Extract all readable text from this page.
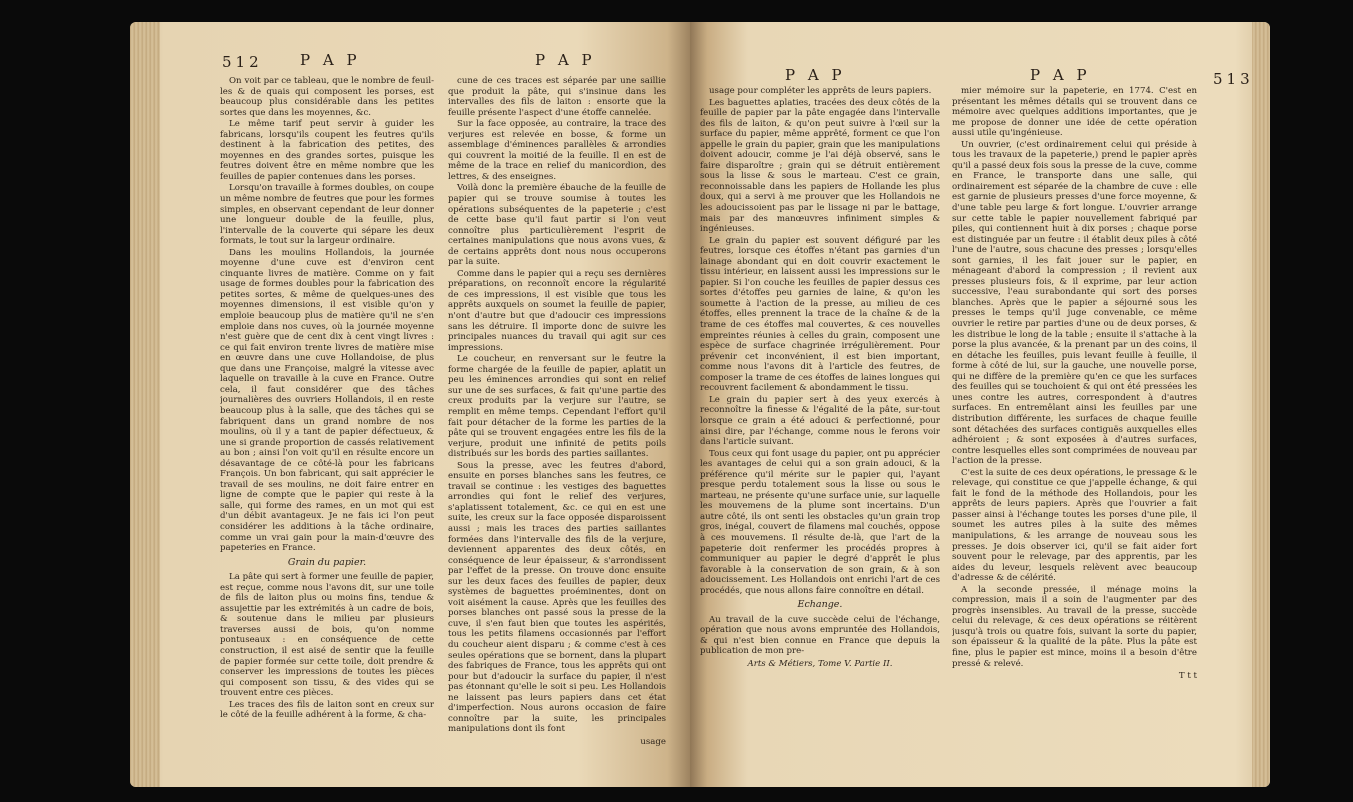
512 P A P	P A P

On voit par ce tableau, que le nombre de feuil-les & de quais qui composent les porses, est beaucoup plus considérable dans les petites sortes que dans les moyennes, &c.

Le même tarif peut servir à guider les fabricans, lorsqu'ils coupent les feutres qu'ils destinent à la fabrication des petites, des moyennes en des grandes sortes, puisque les feutres doivent être en même nombre que les feuilles de papier contenues dans les porses.

Lorsqu'on travaille à formes doubles, on coupe un même nombre de feutres que pour les formes simples, en observant cependant de leur donner une longueur double de la feuille, plus, l'intervalle de la couverte qui sépare les deux formats, le tout sur la largeur ordinaire.

Dans les moulins Hollandois, la journée moyenne d'une cuve est d'environ cent cinquante livres de matière. Comme on y fait usage de formes doubles pour la fabrication des petites sortes, & même de quelques-unes des moyennes dimensions, il est visible qu'on y emploie beaucoup plus de matière qu'il ne s'en emploie dans nos cuves, où la journée moyenne n'est guère que de cent dix à cent vingt livres : ce qui fait environ trente livres de matière mise en œuvre dans une cuve Hollandoise, de plus que dans une Françoise, malgré la vitesse avec laquelle on travaille à la cuve en France. Outre cela, il faut considérer que des tâches journalières des ouvriers Hollandois, il en reste beaucoup plus à la salle, que des tâches qui se fabriquent dans un grand nombre de nos moulins, où il y a tant de papier défectueux, & une si grande proportion de cassés relativement au bon ; ainsi l'on voit qu'il en résulte encore un désavantage de ce côté-là pour les fabricans François. Un bon fabricant, qui sait apprécier le travail de ses moulins, ne doit faire entrer en ligne de compte que le papier qui reste à la salle, qui forme des rames, en un mot qui est d'un débit avantageux. Je ne fais ici l'on peut considérer les additions à la tâche ordinaire, comme un vrai gain pour la main-d'œuvre des papeteries en France.

Grain du papier.

La pâte qui sert à former une feuille de papier, est reçue, comme nous l'avons dit, sur une toile de fils de laiton plus ou moins fins, tendue & assujettie par les extrémités à un cadre de bois, & soutenue dans le milieu par plusieurs traverses aussi de bois, qu'on nomme pontuseaux : en conséquence de cette construction, il est aisé de sentir que la feuille de papier formée sur cette toile, doit prendre & conserver les impressions de toutes les pièces qui composent son tissu, & des vides qui se trouvent entre ces pièces.

Les traces des fils de laiton sont en creux sur le côté de la feuille adhérent à la forme, & cha-

cune de ces traces est séparée par une saillie que produit la pâte, qui s'insinue dans les intervalles des fils de laiton : ensorte que la feuille présente l'aspect d'une étoffe cannelée.

Sur la face opposée, au contraire, la trace des verjures est relevée en bosse, & forme un assemblage d'éminences parallèles & arrondies qui couvrent la moitié de la feuille. Il en est de même de la trace en relief du manicordion, des lettres, & des enseignes.

Voilà donc la première ébauche de la feuille de papier qui se trouve soumise à toutes les opérations subséquentes de la papeterie ; c'est de cette base qu'il faut partir si l'on veut connoître plus particulièrement l'esprit de certaines manipulations que nous avons vues, & de certains apprêts dont nous nous occuperons par la suite.

Comme dans le papier qui a reçu ses dernières préparations, on reconnoît encore la régularité de ces impressions, il est visible que tous les apprêts auxquels on soumet la feuille de papier, n'ont d'autre but que d'adoucir ces impressions sans les détruire. Il importe donc de suivre les principales nuances du travail qui agit sur ces impressions.

Le coucheur, en renversant sur le feutre la forme chargée de la feuille de papier, aplatit un peu les éminences arrondies qui sont en relief sur une de ses surfaces, & fait qu'une partie des creux produits par la verjure sur l'autre, se remplit en même temps. Cependant l'effort qu'il fait pour détacher de la forme les parties de la pâte qui se trouvent engagées entre les fils de la verjure, produit une infinité de petits poils distribués sur les bords des parties saillantes.

Sous la presse, avec les feutres d'abord, ensuite en porses blanches sans les feutres, ce travail se continue : les vestiges des baguettes arrondies qui font le relief des verjures, s'aplatissent totalement, &c. ce qui en est une suite, les creux sur la face opposée disparoissent aussi ; mais les traces des parties saillantes formées dans l'intervalle des fils de la verjure, deviennent apparentes des deux côtés, en conséquence de leur épaisseur, & s'arrondissent par l'effet de la presse. On trouve donc ensuite sur les deux faces des feuilles de papier, deux systèmes de baguettes proéminentes, dont on voit aisément la cause. Après que les feuilles des porses blanches ont passé sous la presse de la cuve, il s'en faut bien que toutes les aspérités, tous les petits filamens occasionnés par l'effort du coucheur aient disparu ; & comme c'est à ces seules opérations que se bornent, dans la plupart des fabriques de France, tous les apprêts qui ont pour but d'adoucir la surface du papier, il n'est pas étonnant qu'elle le soit si peu. Les Hollandois ne laissent pas leurs papiers dans cet état d'imperfection. Nous aurons occasion de faire connoître par la suite, les principales manipulations dont ils font

usage
P A P	P A P	513

usage pour compléter les apprêts de leurs papiers.

Les baguettes aplaties, tracées des deux côtés de la feuille de papier par la pâte engagée dans l'intervalle des fils de laiton, & qu'on peut suivre à l'œil sur la surface du papier, même apprêté, forment ce que l'on appelle le grain du papier, grain que les manipulations doivent adoucir, comme je l'ai déjà observé, sans le faire disparoître ; grain qui se détruit entièrement sous la lisse & sous le marteau. C'est ce grain, reconnoissable dans les papiers de Hollande les plus doux, qui a servi à me prouver que les Hollandois ne les adoucissoient pas par le lissage ni par le battage, mais par des manœuvres infiniment simples & ingénieuses.

Le grain du papier est souvent défiguré par les feutres, lorsque ces étoffes n'étant pas garnies d'un lainage abondant qui en doit couvrir exactement le tissu intérieur, en laissent aussi les impressions sur le papier. Si l'on couche les feuilles de papier dessus ces sortes d'étoffes peu garnies de laine, & qu'on les soumette à l'action de la presse, au milieu de ces étoffes, elles prennent la trace de la chaîne & de la trame de ces étoffes mal couvertes, & ces nouvelles empreintes réunies à celles du grain, composent une espèce de surface chagrinée irrégulièrement. Pour prévenir cet inconvénient, il est bien important, comme nous l'avons dit à l'article des feutres, de composer la trame de ces étoffes de laines longues qui recouvrent facilement & abondamment le tissu.

Le grain du papier sert à des yeux exercés à reconnoître la finesse & l'égalité de la pâte, sur-tout lorsque ce grain a été adouci & perfectionné, pour ainsi dire, par l'échange, comme nous le ferons voir dans l'article suivant.

Tous ceux qui font usage du papier, ont pu apprécier les avantages de celui qui a son grain adouci, & la préférence qu'il mérite sur le papier qui, l'ayant presque perdu totalement sous la lisse ou sous le marteau, ne présente qu'une surface unie, sur laquelle les mouvemens de la plume sont incertains. D'un autre côté, ils ont senti les obstacles qu'un grain trop gros, inégal, couvert de filamens mal couchés, oppose à ces mouvemens. Il résulte de-là, que l'art de la papeterie doit renfermer les procédés propres à communiquer au papier le degré d'apprêt le plus favorable à la conservation de son grain, & à son adoucissement. Les Hollandois ont enrichi l'art de ces procédés, que nous allons faire connoître en détail.

Echange.

Au travail de la cuve succède celui de l'échange, opération que nous avons empruntée des Hollandois, & qui n'est bien connue en France que depuis la publication de mon pre-

Arts & Métiers, Tome V. Partie II.

mier mémoire sur la papeterie, en 1774. C'est en présentant les mêmes détails qui se trouvent dans ce mémoire avec quelques additions importantes, que je me propose de donner une idée de cette opération aussi utile qu'ingénieuse.

Un ouvrier, (c'est ordinairement celui qui préside à tous les travaux de la papeterie,) prend le papier après qu'il a passé deux fois sous la presse de la cuve, comme en France, le transporte dans une salle, qui ordinairement est séparée de la chambre de cuve : elle est garnie de plusieurs presses d'une force moyenne, & d'une table peu large & fort longue. L'ouvrier arrange sur cette table le papier nouvellement fabriqué par piles, qui contiennent huit à dix porses ; chaque porse est distinguée par un feutre : il établit deux piles à côté l'une de l'autre, sous chacune des presses ; lorsqu'elles sont garnies, il les fait jouer sur le papier, en ménageant d'abord la compression ; il revient aux presses plusieurs fois, & il exprime, par leur action successive, l'eau surabondante qui sort des porses blanches. Après que le papier a séjourné sous les presses le temps qu'il juge convenable, ce même ouvrier le retire par parties d'une ou de deux porses, & les distribue le long de la table ; ensuite il s'attache à la porse la plus avancée, & la prenant par un des coins, il en détache les feuilles, puis levant feuille à feuille, il forme à côté de lui, sur la gauche, une nouvelle porse, qui ne diffère de la première qu'en ce que les surfaces des feuilles qui se touchoient & qui ont été pressées les unes contre les autres, correspondent à d'autres surfaces. En entremêlant ainsi les feuilles par une distribution différente, les surfaces de chaque feuille sont détachées des surfaces contiguës auxquelles elles adhéroient ; & sont exposées à d'autres surfaces, contre lesquelles elles sont comprimées de nouveau par l'action de la presse.

C'est la suite de ces deux opérations, le pressage & le relevage, qui constitue ce que j'appelle échange, & qui fait le fond de la méthode des Hollandois, pour les apprêts de leurs papiers. Après que l'ouvrier a fait passer ainsi à l'échange toutes les porses d'une pile, il soumet les autres piles à la suite des mêmes manipulations, & les arrange de nouveau sous les presses. Je dois observer ici, qu'il se fait aider fort souvent pour le relevage, par des apprentis, par les aides du leveur, lesquels relèvent avec beaucoup d'adresse & de célérité.

A la seconde pressée, il ménage moins la compression, mais il a soin de l'augmenter par des progrès insensibles. Au travail de la presse, succède celui du relevage, & ces deux opérations se réitèrent jusqu'à trois ou quatre fois, suivant la sorte du papier, son épaisseur & la qualité de la pâte. Plus la pâte est fine, plus le papier est mince, moins il a besoin d'être pressé & relevé.

T t t
